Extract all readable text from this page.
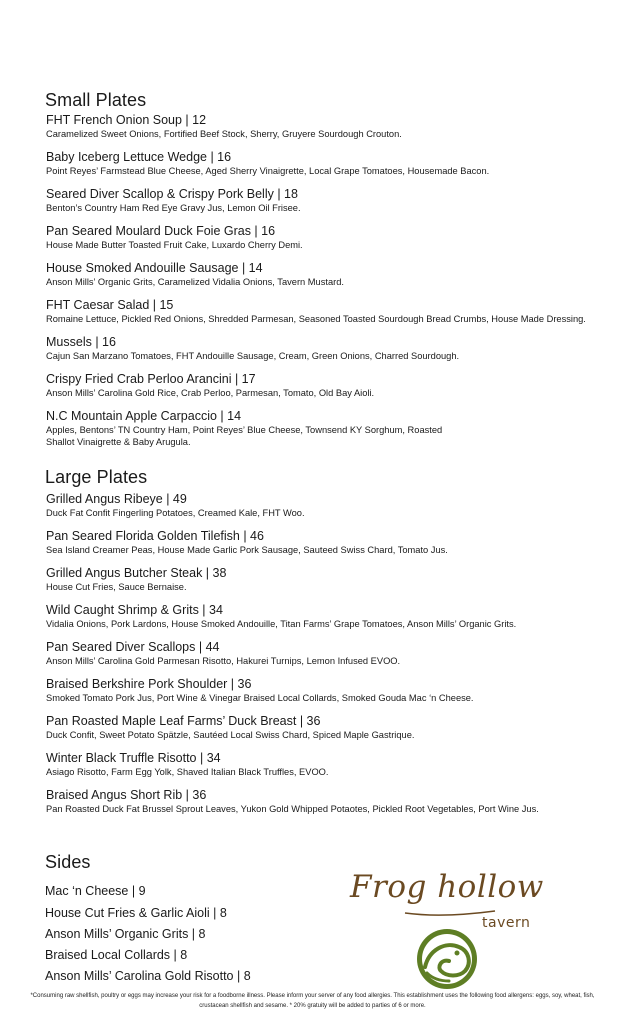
Small Plates
FHT French Onion Soup | 12
Caramelized Sweet Onions, Fortified Beef Stock, Sherry, Gruyere Sourdough Crouton.
Baby Iceberg Lettuce Wedge | 16
Point Reyes’ Farmstead Blue Cheese, Aged Sherry Vinaigrette, Local Grape Tomatoes, Housemade Bacon.
Seared Diver Scallop & Crispy Pork Belly | 18
Benton’s Country Ham Red Eye Gravy Jus, Lemon Oil Frisee.
Pan Seared Moulard Duck Foie Gras | 16
House Made Butter Toasted Fruit Cake, Luxardo Cherry Demi.
House Smoked Andouille Sausage | 14
Anson Mills’ Organic Grits, Caramelized Vidalia Onions, Tavern Mustard.
FHT Caesar Salad | 15
Romaine Lettuce, Pickled Red Onions, Shredded Parmesan, Seasoned Toasted Sourdough Bread Crumbs, House Made Dressing.
Mussels | 16
Cajun San Marzano Tomatoes, FHT Andouille Sausage, Cream, Green Onions, Charred Sourdough.
Crispy Fried Crab Perloo Arancini | 17
Anson Mills’ Carolina Gold Rice, Crab Perloo, Parmesan, Tomato, Old Bay Aioli.
N.C Mountain Apple Carpaccio | 14
Apples, Bentons’ TN Country Ham, Point Reyes’ Blue Cheese, Townsend KY Sorghum, Roasted Shallot Vinaigrette & Baby Arugula.
Large Plates
Grilled Angus Ribeye | 49
Duck Fat Confit Fingerling Potatoes, Creamed Kale, FHT Woo.
Pan Seared Florida Golden Tilefish | 46
Sea Island Creamer Peas, House Made Garlic Pork Sausage, Sauteed Swiss Chard, Tomato Jus.
Grilled Angus Butcher Steak | 38
House Cut Fries, Sauce Bernaise.
Wild Caught Shrimp & Grits | 34
Vidalia Onions, Pork Lardons, House Smoked Andouille, Titan Farms’ Grape Tomatoes, Anson Mills’ Organic Grits.
Pan Seared Diver Scallops | 44
Anson Mills’ Carolina Gold Parmesan Risotto, Hakurei Turnips, Lemon Infused EVOO.
Braised Berkshire Pork Shoulder | 36
Smoked Tomato Pork Jus, Port Wine & Vinegar Braised Local Collards, Smoked Gouda Mac ‘n Cheese.
Pan Roasted Maple Leaf Farms’ Duck Breast | 36
Duck Confit, Sweet Potato Spätzle, Sautéed Local Swiss Chard, Spiced Maple Gastrique.
Winter Black Truffle Risotto | 34
Asiago Risotto, Farm Egg Yolk, Shaved Italian Black Truffles, EVOO.
Braised Angus Short Rib | 36
Pan Roasted Duck Fat Brussel Sprout Leaves, Yukon Gold Whipped Potaotes, Pickled Root Vegetables, Port Wine Jus.
Sides
Mac ‘n Cheese | 9
House Cut Fries & Garlic Aioli | 8
Anson Mills’ Organic Grits | 8
Braised Local Collards | 8
Anson Mills’ Carolina Gold Risotto | 8
Frog hollow
tavern
*Consuming raw shellfish, poultry or eggs may increase your risk for a foodborne illness. Please inform your server of any food allergies. This establishment uses the following food allergens: eggs, soy, wheat, fish, crustacean shellfish and sesame. * 20% gratuity will be added to parties of 6 or more.
